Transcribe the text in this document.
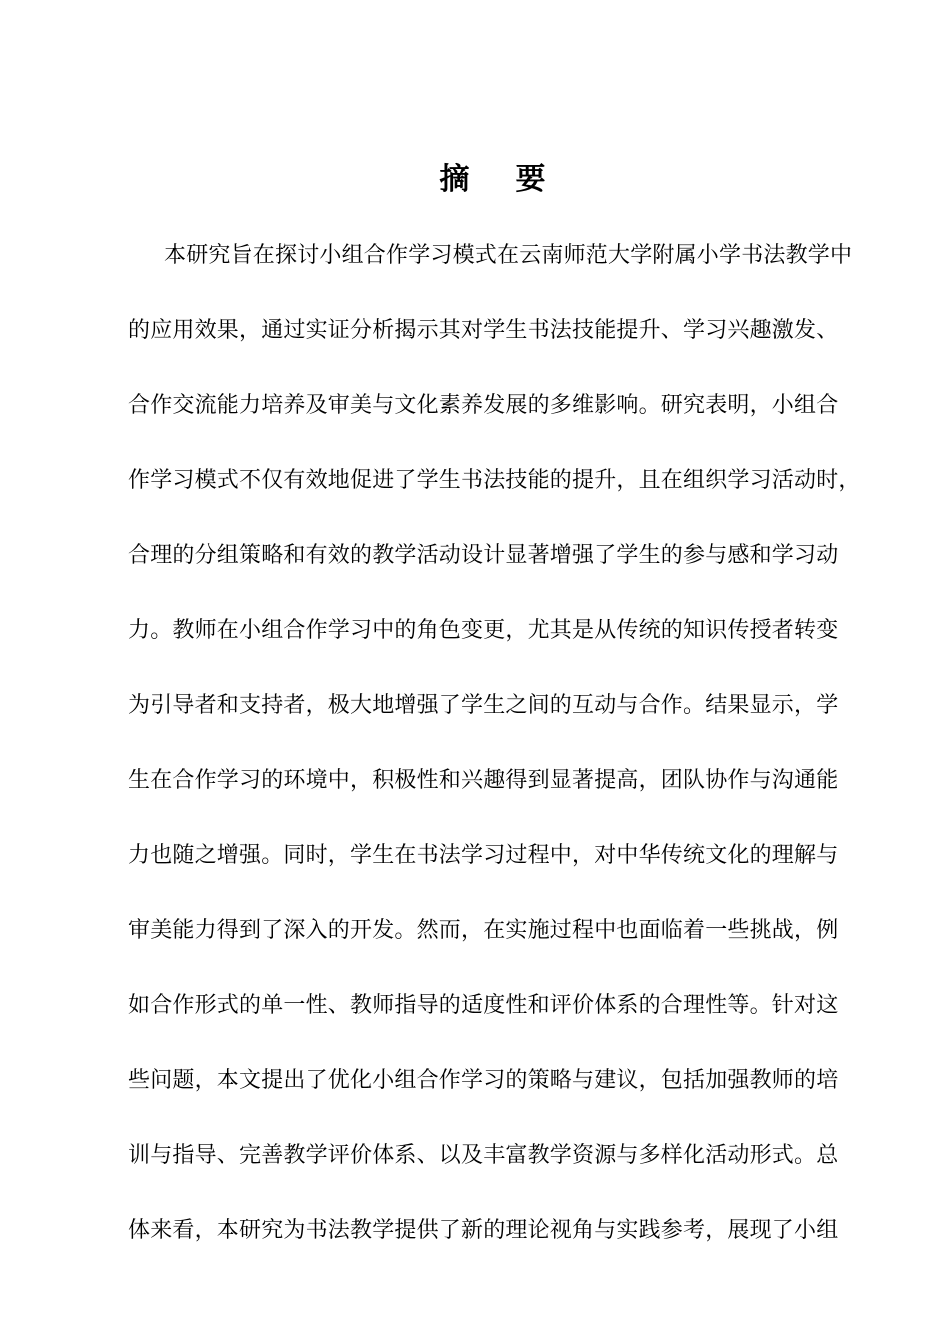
摘 要
本研究旨在探讨小组合作学习模式在云南师范大学附属小学书法教学中
的应用效果，通过实证分析揭示其对学生书法技能提升、学习兴趣激发、
合作交流能力培养及审美与文化素养发展的多维影响。研究表明，小组合
作学习模式不仅有效地促进了学生书法技能的提升，且在组织学习活动时，
合理的分组策略和有效的教学活动设计显著增强了学生的参与感和学习动
力。教师在小组合作学习中的角色变更，尤其是从传统的知识传授者转变
为引导者和支持者，极大地增强了学生之间的互动与合作。结果显示，学
生在合作学习的环境中，积极性和兴趣得到显著提高，团队协作与沟通能
力也随之增强。同时，学生在书法学习过程中，对中华传统文化的理解与
审美能力得到了深入的开发。然而，在实施过程中也面临着一些挑战，例
如合作形式的单一性、教师指导的适度性和评价体系的合理性等。针对这
些问题，本文提出了优化小组合作学习的策略与建议，包括加强教师的培
训与指导、完善教学评价体系、以及丰富教学资源与多样化活动形式。总
体来看，本研究为书法教学提供了新的理论视角与实践参考，展现了小组
